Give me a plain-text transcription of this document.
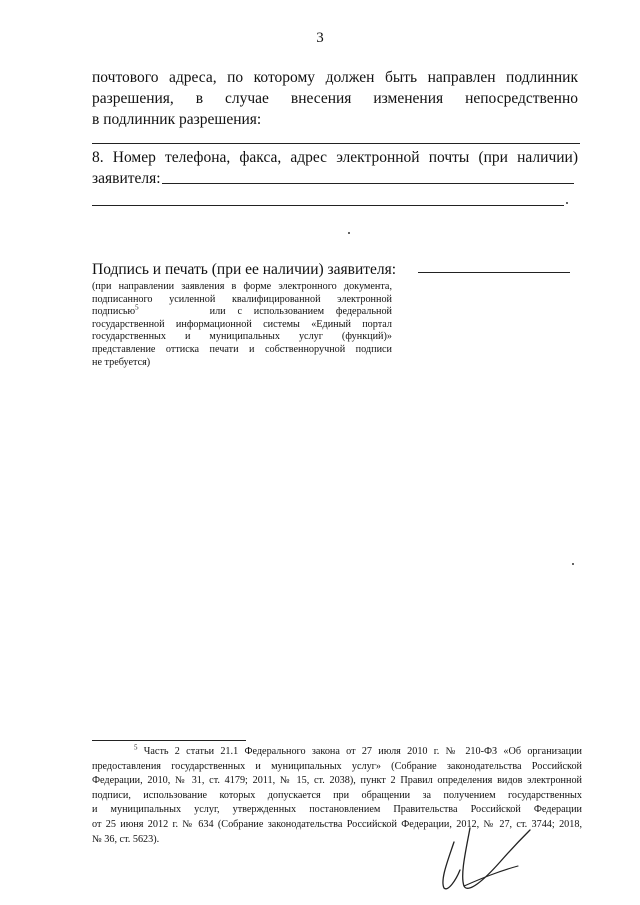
3
почтового адреса, по которому должен быть направлен подлинник
разрешения, в случае внесения изменения непосредственно
в подлинник разрешения:
8. Номер телефона, факса, адрес электронной почты (при наличии)
заявителя:
Подпись и печать (при ее наличии) заявителя:
(при направлении заявления в форме электронного документа,
подписанного усиленной квалифицированной электронной
подписью$^5$	или с использованием федеральной
государственной информационной системы «Единый портал
государственных и муниципальных услуг (функций)»
представление оттиска печати и собственноручной подписи
не требуется)
$^5$ Часть 2 статьи 21.1 Федерального закона от 27 июля 2010 г. № 210-ФЗ «Об организации
предоставления государственных и муниципальных услуг» (Собрание законодательства Российской
Федерации, 2010, № 31, ст. 4179; 2011, № 15, ст. 2038), пункт 2 Правил определения видов электронной
подписи, использование которых допускается при обращении за получением государственных
и муниципальных услуг, утвержденных постановлением Правительства Российской Федерации
от 25 июня 2012 г. № 634 (Собрание законодательства Российской Федерации, 2012, № 27, ст. 3744; 2018,
№ 36, ст. 5623).
